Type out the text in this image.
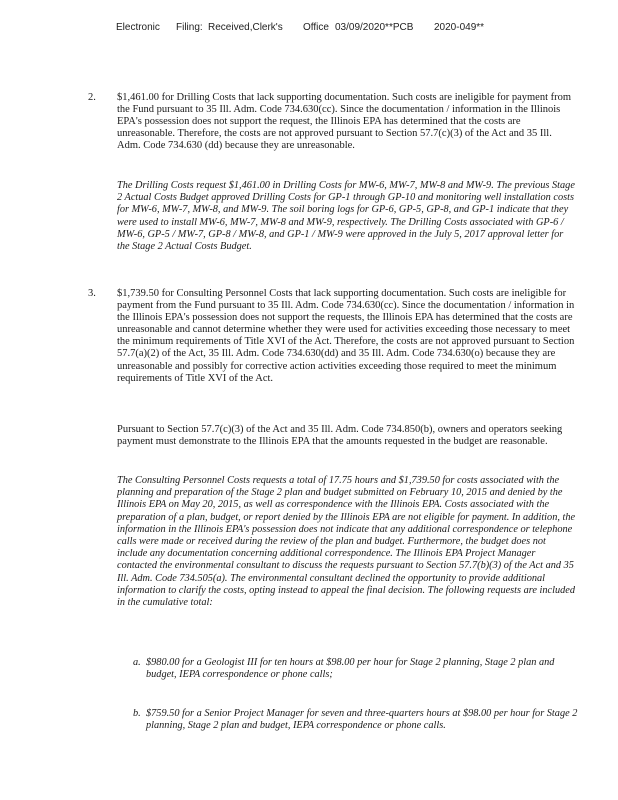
Electronic Filing: Received,Clerk's Office 03/09/2020**PCB 2020-049**
2. $1,461.00 for Drilling Costs that lack supporting documentation. Such costs are ineligible for payment from the Fund pursuant to 35 Ill. Adm. Code 734.630(cc). Since the documentation / information in the Illinois EPA's possession does not support the request, the Illinois EPA has determined that the costs are unreasonable. Therefore, the costs are not approved pursuant to Section 57.7(c)(3) of the Act and 35 Ill. Adm. Code 734.630 (dd) because they are unreasonable.

The Drilling Costs request $1,461.00 in Drilling Costs for MW-6, MW-7, MW-8 and MW-9. The previous Stage 2 Actual Costs Budget approved Drilling Costs for GP-1 through GP-10 and monitoring well installation costs for MW-6, MW-7, MW-8, and MW-9. The soil boring logs for GP-6, GP-5, GP-8, and GP-1 indicate that they were used to install MW-6, MW-7, MW-8 and MW-9, respectively. The Drilling Costs associated with GP-6 / MW-6, GP-5 / MW-7, GP-8 / MW-8, and GP-1 / MW-9 were approved in the July 5, 2017 approval letter for the Stage 2 Actual Costs Budget.

3. $1,739.50 for Consulting Personnel Costs that lack supporting documentation. Such costs are ineligible for payment from the Fund pursuant to 35 Ill. Adm. Code 734.630(cc). Since the documentation / information in the Illinois EPA's possession does not support the requests, the Illinois EPA has determined that the costs are unreasonable and cannot determine whether they were used for activities exceeding those necessary to meet the minimum requirements of Title XVI of the Act. Therefore, the costs are not approved pursuant to Section 57.7(a)(2) of the Act, 35 Ill. Adm. Code 734.630(dd) and 35 Ill. Adm. Code 734.630(o) because they are unreasonable and possibly for corrective action activities exceeding those required to meet the minimum requirements of Title XVI of the Act.

Pursuant to Section 57.7(c)(3) of the Act and 35 Ill. Adm. Code 734.850(b), owners and operators seeking payment must demonstrate to the Illinois EPA that the amounts requested in the budget are reasonable.

The Consulting Personnel Costs requests a total of 17.75 hours and $1,739.50 for costs associated with the planning and preparation of the Stage 2 plan and budget submitted on February 10, 2015 and denied by the Illinois EPA on May 20, 2015, as well as correspondence with the Illinois EPA. Costs associated with the preparation of a plan, budget, or report denied by the Illinois EPA are not eligible for payment. In addition, the information in the Illinois EPA's possession does not indicate that any additional correspondence or telephone calls were made or received during the review of the plan and budget. Furthermore, the budget does not include any documentation concerning additional correspondence. The Illinois EPA Project Manager contacted the environmental consultant to discuss the requests pursuant to Section 57.7(b)(3) of the Act and 35 Ill. Adm. Code 734.505(a). The environmental consultant declined the opportunity to provide additional information to clarify the costs, opting instead to appeal the final decision. The following requests are included in the cumulative total:

a. $980.00 for a Geologist III for ten hours at $98.00 per hour for Stage 2 planning, Stage 2 plan and budget, IEPA correspondence or phone calls;
b. $759.50 for a Senior Project Manager for seven and three-quarters hours at $98.00 per hour for Stage 2 planning, Stage 2 plan and budget, IEPA correspondence or phone calls.
